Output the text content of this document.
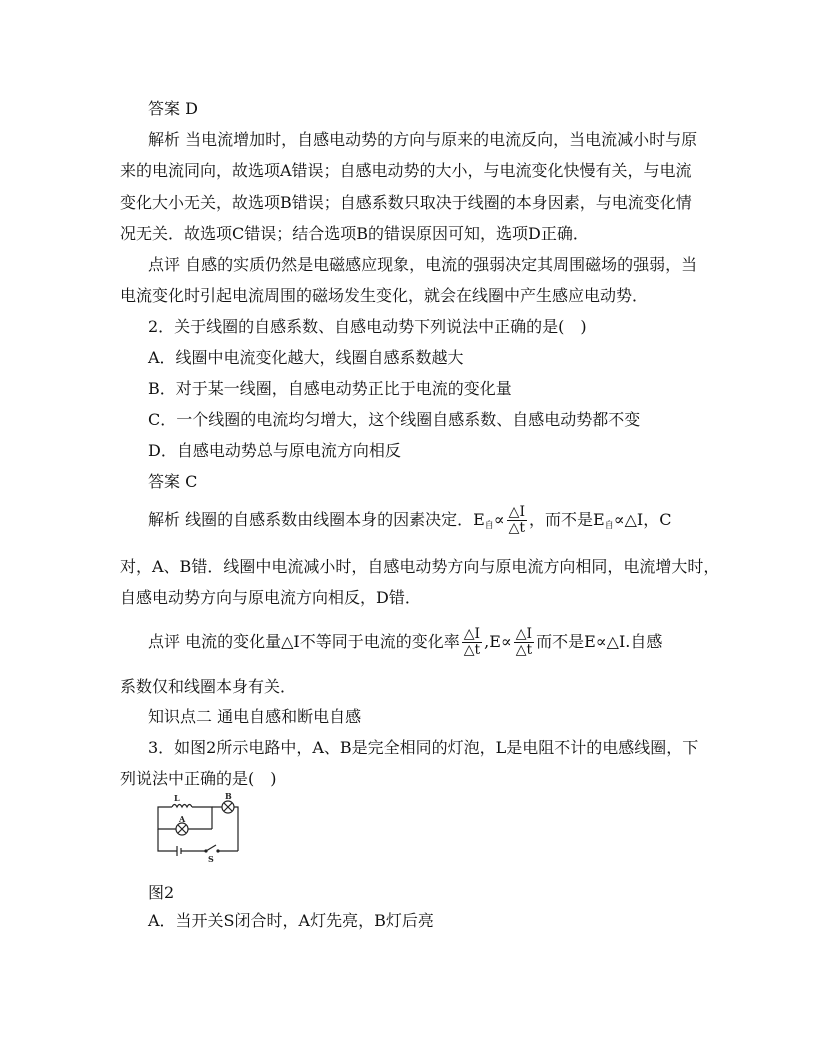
答案 D
解析 当电流增加时，自感电动势的方向与原来的电流反向，当电流减小时与原
来的电流同向，故选项A错误；自感电动势的大小，与电流变化快慢有关，与电流
变化大小无关，故选项B错误；自感系数只取决于线圈的本身因素，与电流变化情
况无关．故选项C错误；结合选项B的错误原因可知，选项D正确．
点评 自感的实质仍然是电磁感应现象，电流的强弱决定其周围磁场的强弱，当
电流变化时引起电流周围的磁场发生变化，就会在线圈中产生感应电动势．
2．关于线圈的自感系数、自感电动势下列说法中正确的是(　)
A．线圈中电流变化越大，线圈自感系数越大
B．对于某一线圈，自感电动势正比于电流的变化量
C．一个线圈的电流均匀增大，这个线圈自感系数、自感电动势都不变
D．自感电动势总与原电流方向相反
答案 C
解析 线圈的自感系数由线圈本身的因素决定．$E_自\propto \frac{\triangle I}{\triangle t}$ ，而不是$E_自\propto\triangle I$，C
对，A、B错．线圈中电流减小时，自感电动势方向与原电流方向相同，电流增大时，
自感电动势方向与原电流方向相反，D错．
点评 电流的变化量△I不等同于电流的变化率 $\frac{\triangle I}{\triangle t} ,E\propto \frac{\triangle I}{\triangle t}$ 而不是E∝△I.自感
系数仅和线圈本身有关．
知识点二 通电自感和断电自感
3．如图2所示电路中，A、B是完全相同的灯泡，L是电阻不计的电感线圈，下
列说法中正确的是(　)
L
A
B
S
图2
A．当开关S闭合时，A灯先亮，B灯后亮
